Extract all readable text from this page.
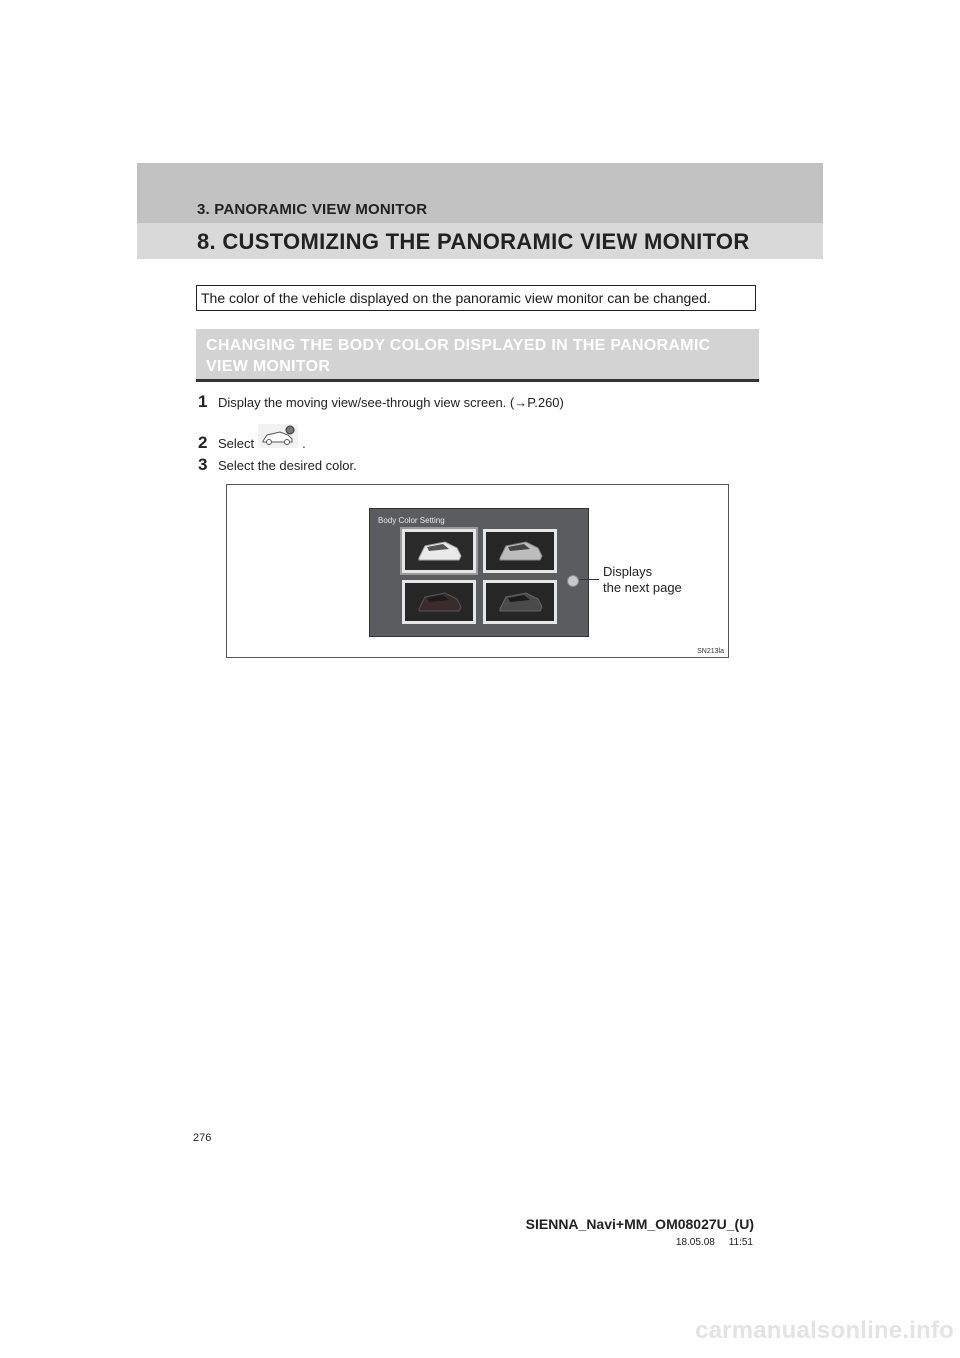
3. PANORAMIC VIEW MONITOR
8. CUSTOMIZING THE PANORAMIC VIEW MONITOR
The color of the vehicle displayed on the panoramic view monitor can be changed.
CHANGING THE BODY COLOR DISPLAYED IN THE PANORAMIC
VIEW MONITOR
1 Display the moving view/see-through view screen. (→P.260)
2 Select	.
3 Select the desired color.
Body Color Setting
Displays
the next page
SN213la
276
SIENNA_Navi+MM_OM08027U_(U)
18.05.08     11:51
carmanualsonline.info
